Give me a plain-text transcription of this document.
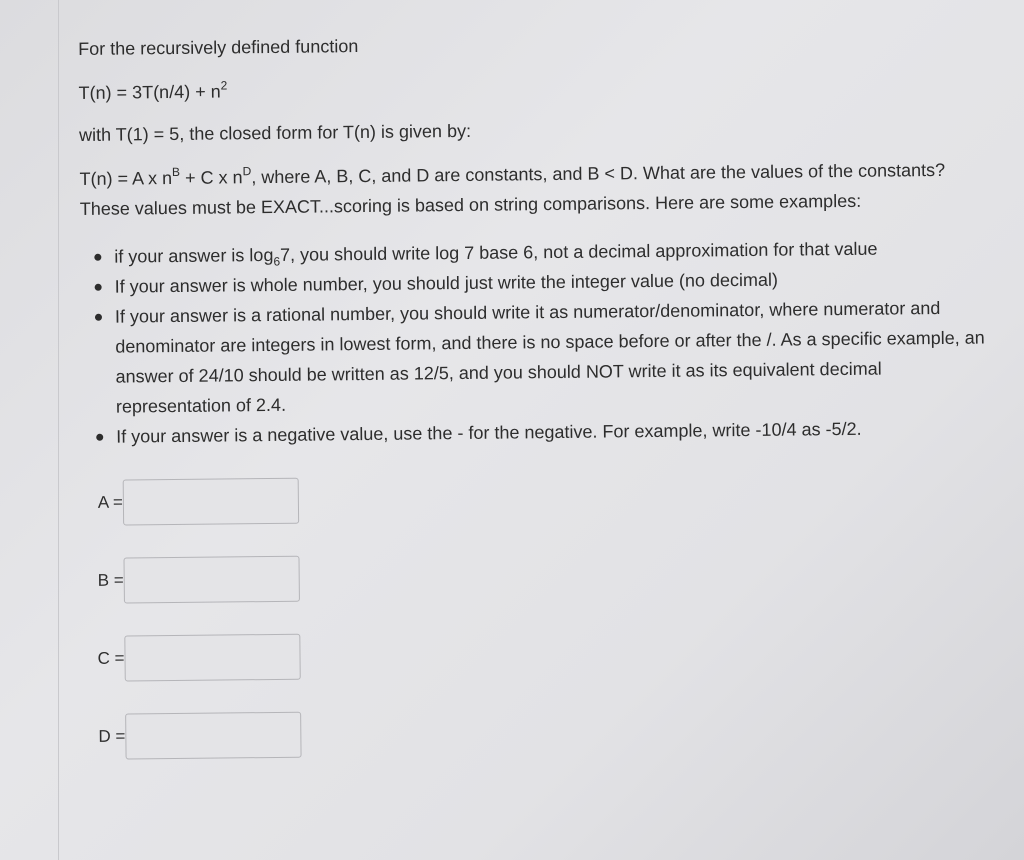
For the recursively defined function

$T(n) = 3T(n/4) + n^2$

with T(1) = 5, the closed form for T(n) is given by:

T(n) = A x $n^B + C$ x $n^D$, where A, B, C, and D are constants, and B < D. What are the values of the constants? These values must be EXACT...scoring is based on string comparisons. Here are some examples:

if your answer is $\log_67$, you should write log 7 base 6, not a decimal approximation for that value
If your answer is whole number, you should just write the integer value (no decimal)
If your answer is a rational number, you should write it as numerator/denominator, where numerator and denominator are integers in lowest form, and there is no space before or after the /. As a specific example, an answer of 24/10 should be written as 12/5, and you should NOT write it as its equivalent decimal representation of 2.4.
If your answer is a negative value, use the - for the negative. For example, write -10/4 as -5/2.
A =
B =
C =
D =
